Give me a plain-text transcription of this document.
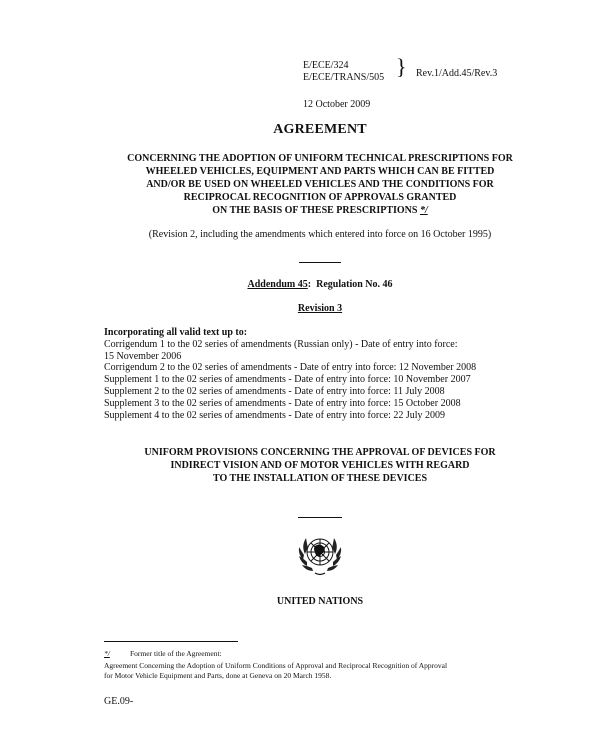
E/ECE/324
E/ECE/TRANS/505 } Rev.1/Add.45/Rev.3
12 October 2009
AGREEMENT
CONCERNING THE ADOPTION OF UNIFORM TECHNICAL PRESCRIPTIONS FOR
WHEELED VEHICLES, EQUIPMENT AND PARTS WHICH CAN BE FITTED
AND/OR BE USED ON WHEELED VEHICLES AND THE CONDITIONS FOR
RECIPROCAL RECOGNITION OF APPROVALS GRANTED
ON THE BASIS OF THESE PRESCRIPTIONS */
(Revision 2, including the amendments which entered into force on 16 October 1995)
Addendum 45: Regulation No. 46
Revision 3
Incorporating all valid text up to:
Corrigendum 1 to the 02 series of amendments (Russian only) - Date of entry into force:
15 November 2006
Corrigendum 2 to the 02 series of amendments - Date of entry into force: 12 November 2008
Supplement 1 to the 02 series of amendments - Date of entry into force: 10 November 2007
Supplement 2 to the 02 series of amendments - Date of entry into force: 11 July 2008
Supplement 3 to the 02 series of amendments - Date of entry into force: 15 October 2008
Supplement 4 to the 02 series of amendments - Date of entry into force: 22 July 2009
UNIFORM PROVISIONS CONCERNING THE APPROVAL OF DEVICES FOR
INDIRECT VISION AND OF MOTOR VEHICLES WITH REGARD
TO THE INSTALLATION OF THESE DEVICES
UNITED NATIONS
*/	Former title of the Agreement:
Agreement Concerning the Adoption of Uniform Conditions of Approval and Reciprocal Recognition of Approval
for Motor Vehicle Equipment and Parts, done at Geneva on 20 March 1958.
GE.09-
